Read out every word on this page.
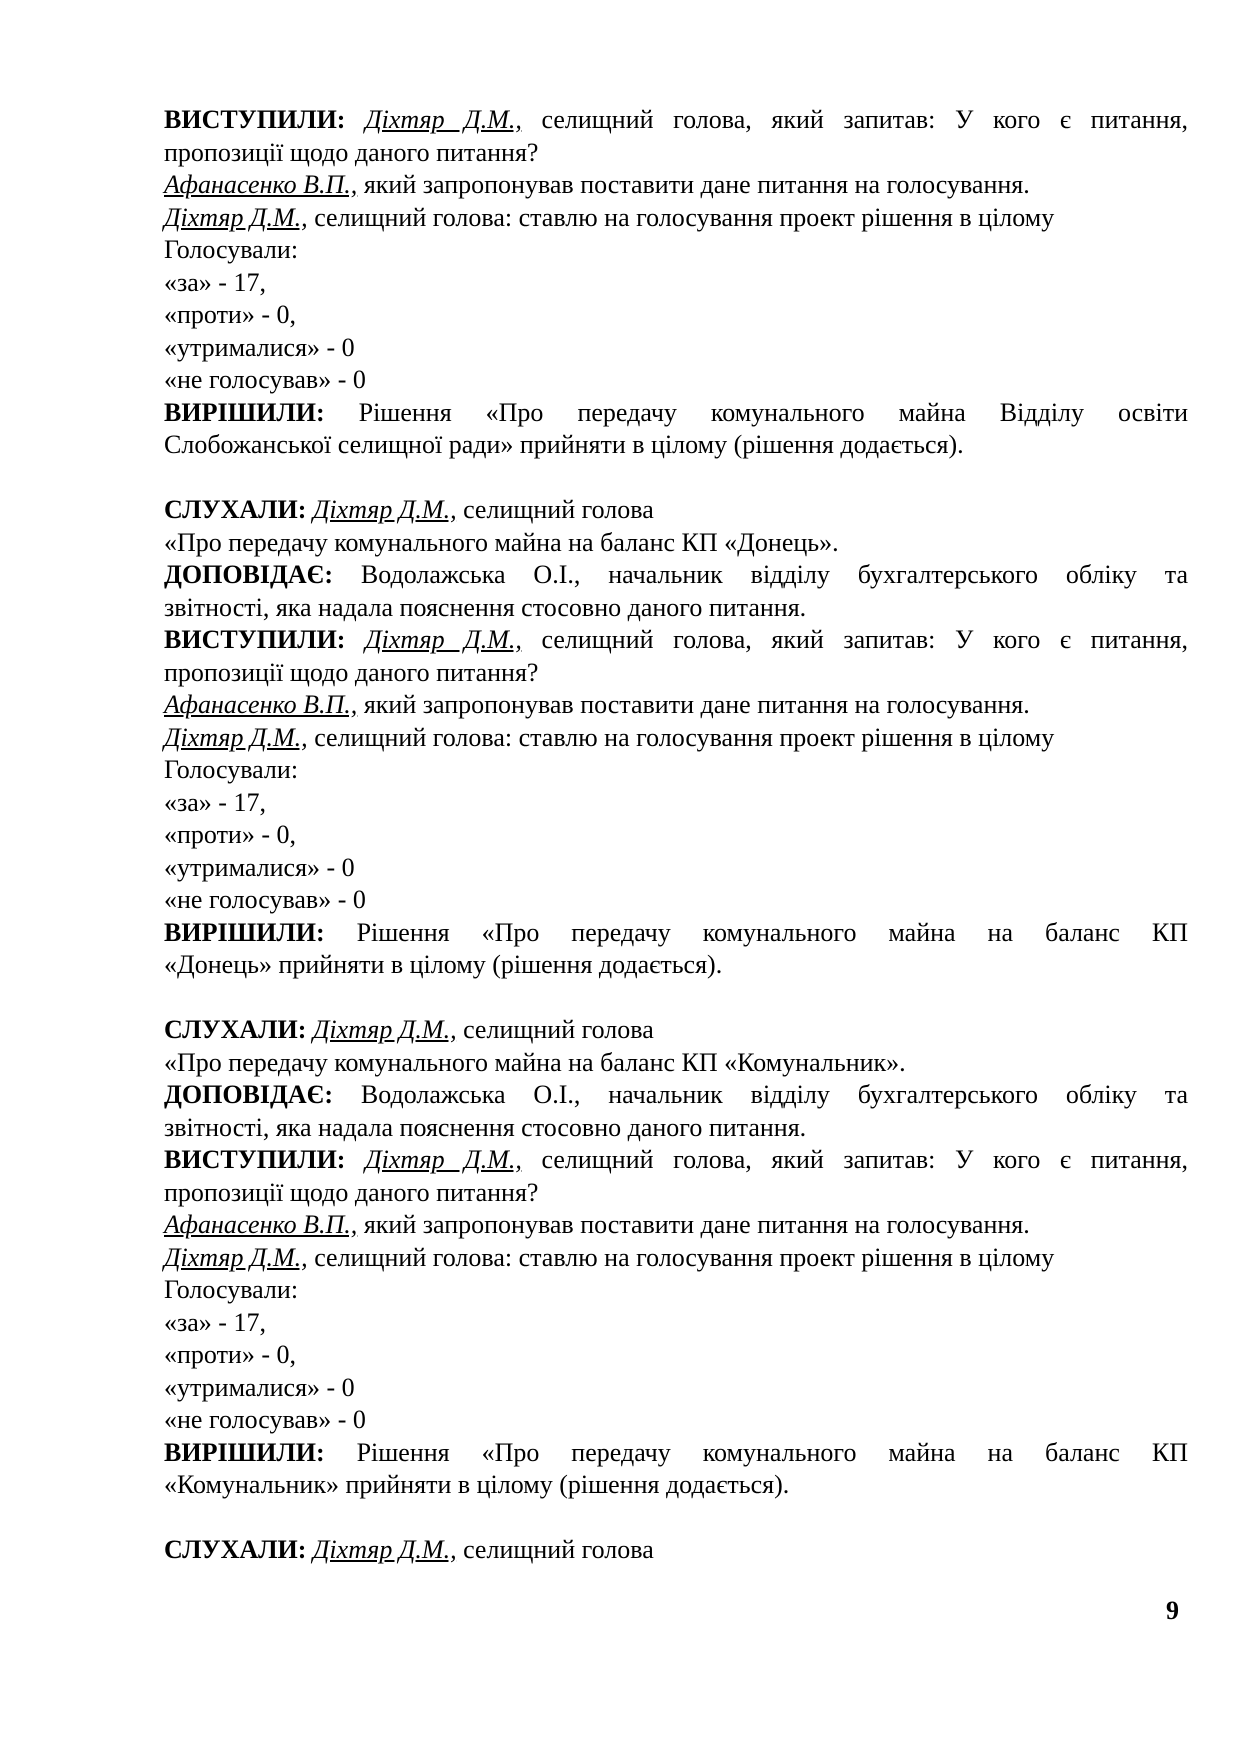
ВИСТУПИЛИ: Діхтяр Д.М., селищний голова, який запитав: У кого є питання,
пропозиції щодо даного питання?
Афанасенко В.П., який запропонував поставити дане питання на голосування.
Діхтяр Д.М., селищний голова: ставлю на голосування проект рішення в цілому
Голосували:
«за» - 17,
«проти» - 0,
«утрималися» - 0
«не голосував» - 0
ВИРІШИЛИ: Рішення «Про передачу комунального майна Відділу освіти
Слобожанської селищної ради» прийняти в цілому (рішення додається).
СЛУХАЛИ: Діхтяр Д.М., селищний голова
«Про передачу комунального майна на баланс КП «Донець».
ДОПОВІДАЄ: Водолажська О.І., начальник відділу бухгалтерського обліку та
звітності, яка надала пояснення стосовно даного питання.
ВИСТУПИЛИ: Діхтяр Д.М., селищний голова, який запитав: У кого є питання,
пропозиції щодо даного питання?
Афанасенко В.П., який запропонував поставити дане питання на голосування.
Діхтяр Д.М., селищний голова: ставлю на голосування проект рішення в цілому
Голосували:
«за» - 17,
«проти» - 0,
«утрималися» - 0
«не голосував» - 0
ВИРІШИЛИ: Рішення «Про передачу комунального майна на баланс КП
«Донець» прийняти в цілому (рішення додається).
СЛУХАЛИ: Діхтяр Д.М., селищний голова
«Про передачу комунального майна на баланс КП «Комунальник».
ДОПОВІДАЄ: Водолажська О.І., начальник відділу бухгалтерського обліку та
звітності, яка надала пояснення стосовно даного питання.
ВИСТУПИЛИ: Діхтяр Д.М., селищний голова, який запитав: У кого є питання,
пропозиції щодо даного питання?
Афанасенко В.П., який запропонував поставити дане питання на голосування.
Діхтяр Д.М., селищний голова: ставлю на голосування проект рішення в цілому
Голосували:
«за» - 17,
«проти» - 0,
«утрималися» - 0
«не голосував» - 0
ВИРІШИЛИ: Рішення «Про передачу комунального майна на баланс КП
«Комунальник» прийняти в цілому (рішення додається).
СЛУХАЛИ: Діхтяр Д.М., селищний голова
9
